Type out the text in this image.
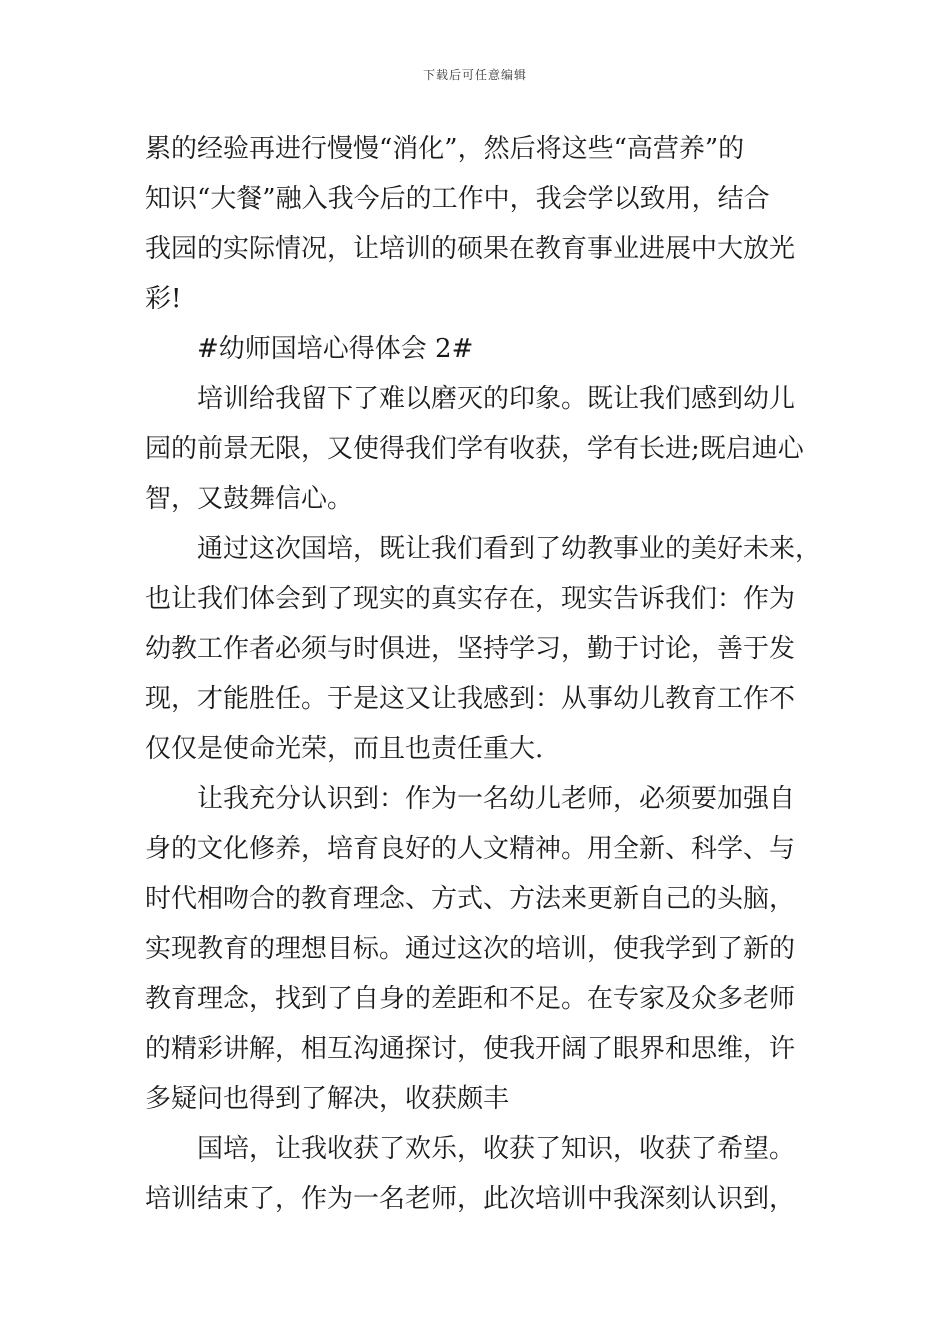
下载后可任意编辑

累的经验再进行慢慢“消化”，然后将这些“高营养”的

知识“大餐”融入我今后的工作中，我会学以致用，结合

我园的实际情况，让培训的硕果在教育事业进展中大放光

彩!

#幼师国培心得体会 2#

培训给我留下了难以磨灭的印象。既让我们感到幼儿

园的前景无限，又使得我们学有收获，学有长进;既启迪心

智，又鼓舞信心。

通过这次国培，既让我们看到了幼教事业的美好未来，

也让我们体会到了现实的真实存在，现实告诉我们：作为

幼教工作者必须与时俱进，坚持学习，勤于讨论，善于发

现，才能胜任。于是这又让我感到：从事幼儿教育工作不

仅仅是使命光荣，而且也责任重大.

让我充分认识到：作为一名幼儿老师，必须要加强自

身的文化修养，培育良好的人文精神。用全新、科学、与

时代相吻合的教育理念、方式、方法来更新自己的头脑，

实现教育的理想目标。通过这次的培训，使我学到了新的

教育理念，找到了自身的差距和不足。在专家及众多老师

的精彩讲解，相互沟通探讨，使我开阔了眼界和思维，许

多疑问也得到了解决，收获颇丰

国培，让我收获了欢乐，收获了知识，收获了希望。

培训结束了，作为一名老师，此次培训中我深刻认识到，
